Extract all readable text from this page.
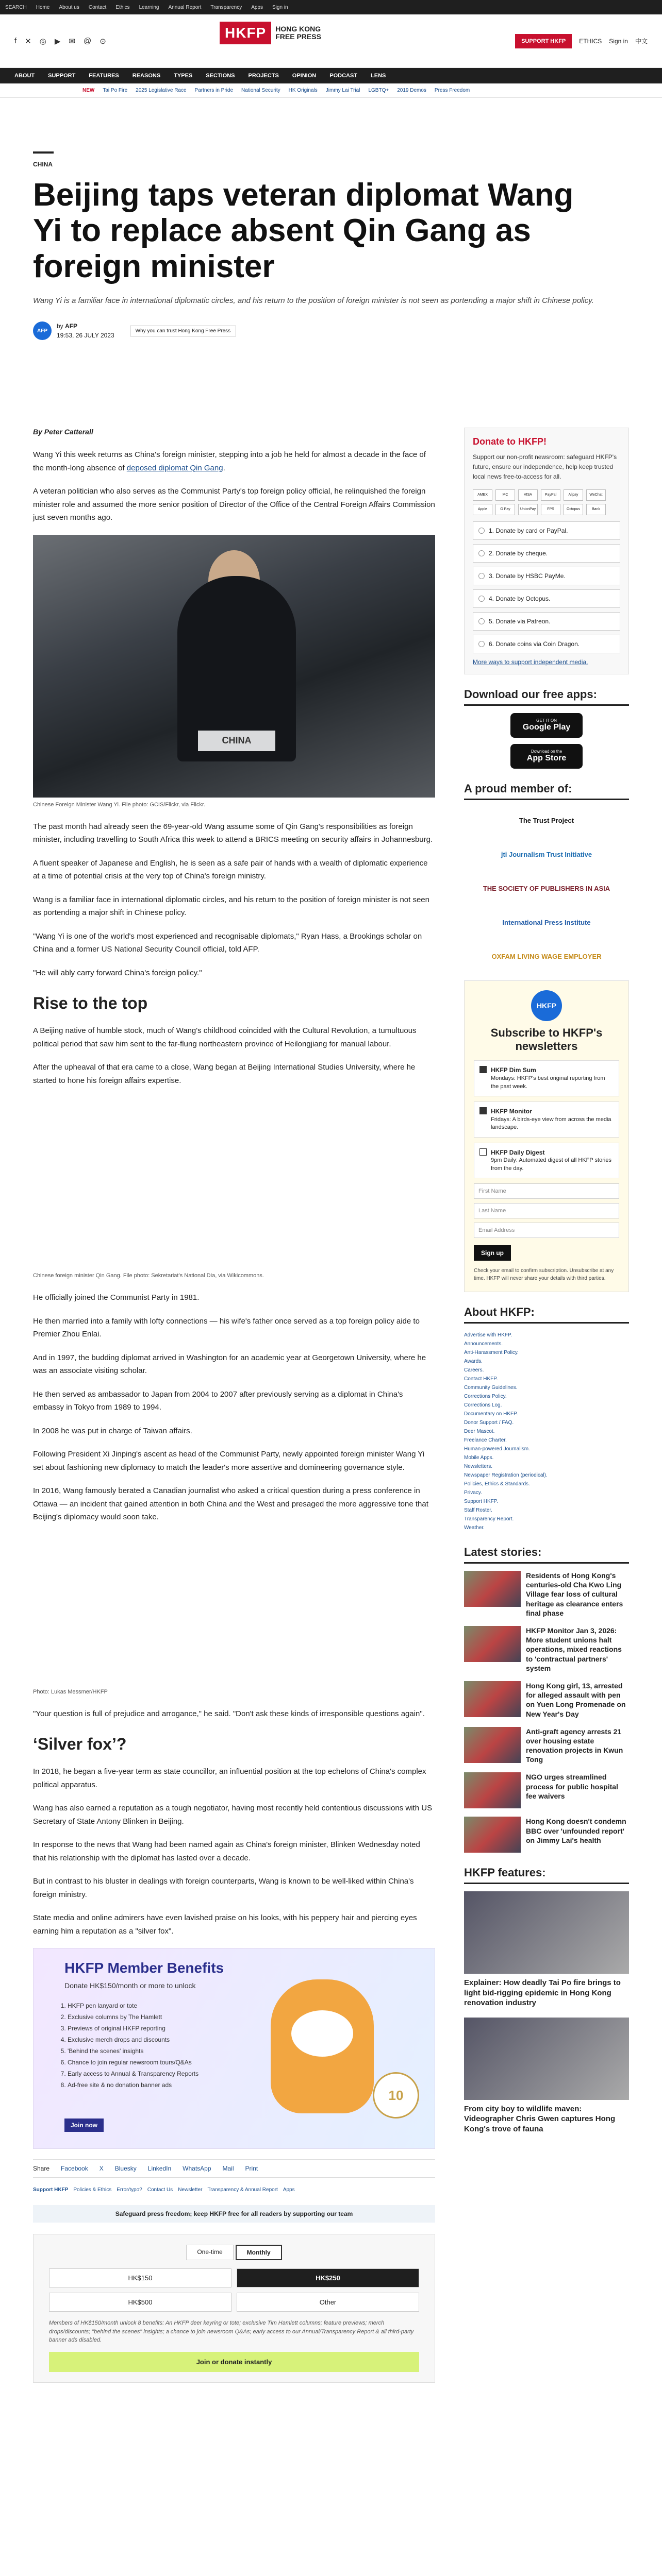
SEARCH Home About us Contact Ethics Learning Annual Report Transparency Apps Sign in
f ✕ ◎ ▶ ✉ @ ⊙
HKFP	HONG KONG
FREE PRESS
SUPPORT HKFP	ETHICS Sign in 中文
ABOUT SUPPORT FEATURES REASONS TYPES SECTIONS PROJECTS OPINION PODCAST LENS
NEW Tai Po Fire 2025 Legislative Race Partners in Pride National Security HK Originals Jimmy Lai Trial LGBTQ+ 2019 Demos Press Freedom
CHINA
Beijing taps veteran diplomat Wang Yi to replace absent Qin Gang as foreign minister
Wang Yi is a familiar face in international diplomatic circles, and his return to the position of foreign minister is not seen as portending a major shift in Chinese policy.
AFP
by AFP
19:53, 26 JULY 2023
Why you can trust Hong Kong Free Press
By Peter Catterall

Wang Yi this week returns as China's foreign minister, stepping into a job he held for almost a decade in the face of the month-long absence of deposed diplomat Qin Gang.

A veteran politician who also serves as the Communist Party's top foreign policy official, he relinquished the foreign minister role and assumed the more senior position of Director of the Office of the Central Foreign Affairs Commission just seven months ago.

CHINA
Chinese Foreign Minister Wang Yi. File photo: GCIS/Flickr, via Flickr.

The past month had already seen the 69-year-old Wang assume some of Qin Gang's responsibilities as foreign minister, including travelling to South Africa this week to attend a BRICS meeting on security affairs in Johannesburg.

A fluent speaker of Japanese and English, he is seen as a safe pair of hands with a wealth of diplomatic experience at a time of potential crisis at the very top of China's foreign ministry.

Wang is a familiar face in international diplomatic circles, and his return to the position of foreign minister is not seen as portending a major shift in Chinese policy.

"Wang Yi is one of the world's most experienced and recognisable diplomats," Ryan Hass, a Brookings scholar on China and a former US National Security Council official, told AFP.

"He will ably carry forward China's foreign policy."

Rise to the top

A Beijing native of humble stock, much of Wang's childhood coincided with the Cultural Revolution, a tumultuous political period that saw him sent to the far-flung northeastern province of Heilongjiang for manual labour.

After the upheaval of that era came to a close, Wang began at Beijing International Studies University, where he started to hone his foreign affairs expertise.

Chinese foreign minister Qin Gang. File photo: Sekretariat’s National Dia, via Wikicommons.

He officially joined the Communist Party in 1981.

He then married into a family with lofty connections — his wife's father once served as a top foreign policy aide to Premier Zhou Enlai.

And in 1997, the budding diplomat arrived in Washington for an academic year at Georgetown University, where he was an associate visiting scholar.

He then served as ambassador to Japan from 2004 to 2007 after previously serving as a diplomat in China's embassy in Tokyo from 1989 to 1994.

In 2008 he was put in charge of Taiwan affairs.

Following President Xi Jinping's ascent as head of the Communist Party, newly appointed foreign minister Wang Yi set about fashioning new diplomacy to match the leader's more assertive and domineering governance style.

In 2016, Wang famously berated a Canadian journalist who asked a critical question during a press conference in Ottawa — an incident that gained attention in both China and the West and presaged the more aggressive tone that Beijing's diplomacy would soon take.

Photo: Lukas Messmer/HKFP

"Your question is full of prejudice and arrogance," he said. "Don't ask these kinds of irresponsible questions again".

‘Silver fox’?

In 2018, he began a five-year term as state councillor, an influential position at the top echelons of China's complex political apparatus.

Wang has also earned a reputation as a tough negotiator, having most recently held contentious discussions with US Secretary of State Antony Blinken in Beijing.

In response to the news that Wang had been named again as China's foreign minister, Blinken Wednesday noted that his relationship with the diplomat has lasted over a decade.

But in contrast to his bluster in dealings with foreign counterparts, Wang is known to be well-liked within China's foreign ministry.

State media and online admirers have even lavished praise on his looks, with his peppery hair and piercing eyes earning him a reputation as a "silver fox".

HKFP Member Benefits
Donate HK$150/month or more to unlock
1. HKFP pen lanyard or tote
2. Exclusive columns by The Hamlett
3. Previews of original HKFP reporting
4. Exclusive merch drops and discounts
5. 'Behind the scenes' insights
6. Chance to join regular newsroom tours/Q&As
7. Early access to Annual & Transparency Reports
8. Ad-free site & no donation banner ads
10
Join now
Share Facebook X Bluesky LinkedIn WhatsApp Mail Print
Support HKFP Policies & Ethics Error/typo? Contact Us Newsletter Transparency & Annual Report Apps
Safeguard press freedom; keep HKFP free for all readers by supporting our team
One-time	Monthly
HK$150	HK$250
HK$500	Other
Members of HK$150/month unlock 8 benefits: An HKFP deer keyring or tote; exclusive Tim Hamlett columns; feature previews; merch drops/discounts; "behind the scenes" insights; a chance to join newsroom Q&As; early access to our Annual/Transparency Report & all third-party banner ads disabled.
Join or donate instantly
Donate to HKFP!
Support our non-profit newsroom: safeguard HKFP's future, ensure our independence, help keep trusted local news free-to-access for all.
AMEX	MC	VISA	PayPal	Alipay	WeChat
Apple	G Pay	UnionPay	FPS	Octopus	Bank
1. Donate by card or PayPal.
2. Donate by cheque.
3. Donate by HSBC PayMe.
4. Donate by Octopus.
5. Donate via Patreon.
6. Donate coins via Coin Dragon.
More ways to support independent media.
Download our free apps:
GET IT ON
Google Play
Download on the
App Store
A proud member of:
The Trust Project
jti Journalism Trust Initiative
THE SOCIETY OF PUBLISHERS IN ASIA
International Press Institute
OXFAM LIVING WAGE EMPLOYER
HKFP
Subscribe to HKFP's newsletters
HKFP Dim Sum
Mondays: HKFP's best original reporting from the past week.
HKFP Monitor
Fridays: A birds-eye view from across the media landscape.
HKFP Daily Digest
9pm Daily: Automated digest of all HKFP stories from the day.
First Name
Last Name
Email Address
Sign up
Check your email to confirm subscription. Unsubscribe at any time. HKFP will never share your details with third parties.
About HKFP:
Advertise with HKFP.
Announcements.
Anti-Harassment Policy.
Awards.
Careers.
Contact HKFP.
Community Guidelines.
Corrections Policy.
Corrections Log.
Documentary on HKFP.
Donor Support / FAQ.
Deer Mascot.
Freelance Charter.
Human-powered Journalism.
Mobile Apps.
Newsletters.
Newspaper Registration (periodical).
Policies, Ethics & Standards.
Privacy.
Support HKFP.
Staff Roster.
Transparency Report.
Weather.
Latest stories:
Residents of Hong Kong's centuries-old Cha Kwo Ling Village fear loss of cultural heritage as clearance enters final phase
HKFP Monitor Jan 3, 2026: More student unions halt operations, mixed reactions to 'contractual partners' system
Hong Kong girl, 13, arrested for alleged assault with pen on Yuen Long Promenade on New Year's Day
Anti-graft agency arrests 21 over housing estate renovation projects in Kwun Tong
NGO urges streamlined process for public hospital fee waivers
Hong Kong doesn't condemn BBC over 'unfounded report' on Jimmy Lai's health
HKFP features:
Explainer: How deadly Tai Po fire brings to light bid-rigging epidemic in Hong Kong renovation industry
From city boy to wildlife maven: Videographer Chris Gwen captures Hong Kong's trove of fauna
